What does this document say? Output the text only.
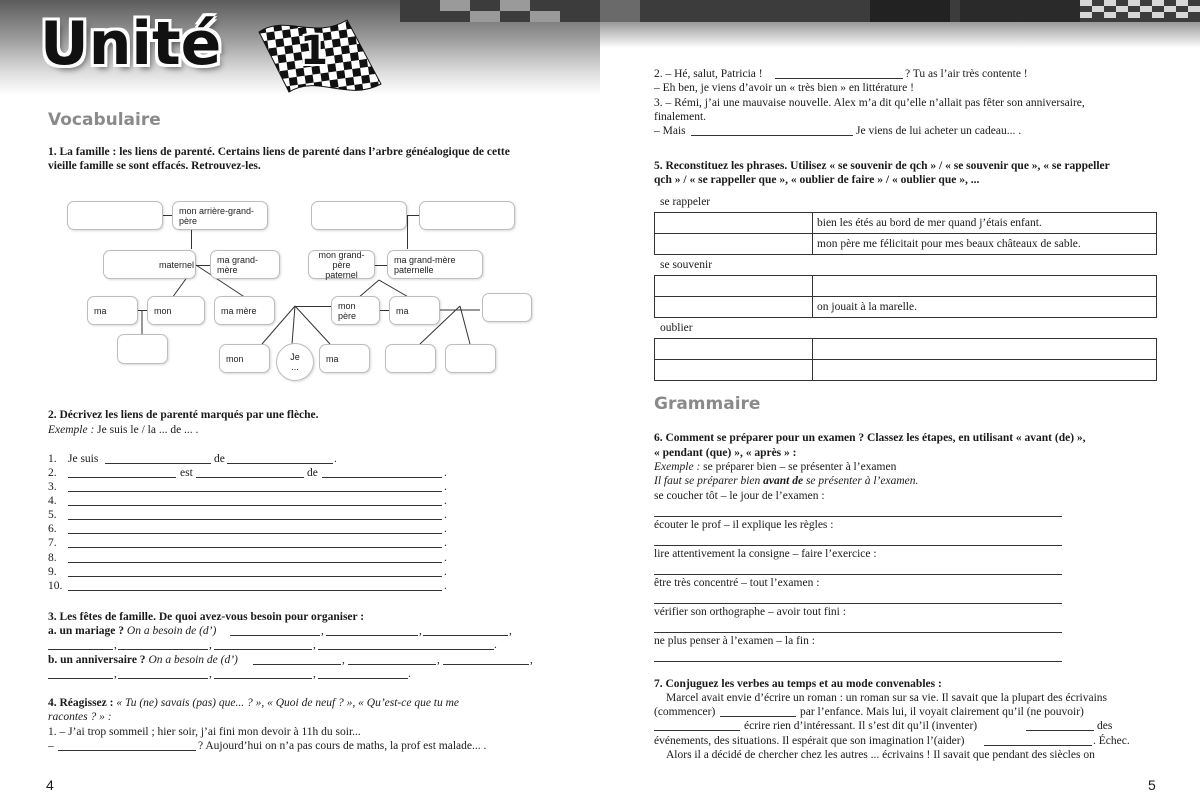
1
Unité
Vocabulaire
1. La famille : les liens de parenté. Certains liens de parenté dans l’arbre généalogique de cette
vieille famille se sont effacés. Retrouvez-les.
mon arrière-grand-père
maternel	ma grand-mère
mon grand-père
paternel
ma grand-mère paternelle
ma	mon	ma mère	mon père	ma
mon	Je
...
ma
2. Décrivez les liens de parenté marqués par une flèche.
Exemple : Je suis le / la ... de ... .
1. Je suis	de	.
2.	est	de	.
3.	.
4.	.
5.	.
6.	.
7.	.
8.	.
9.	.
10.	.
3. Les fêtes de famille. De quoi avez-vous besoin pour organiser :
a. un mariage ? On a besoin de (d’)	,	,	,
,	,	,	.
b. un anniversaire ? On a besoin de (d’)	,	,	,
,	,	,	.
4. Réagissez : « Tu (ne) savais (pas) que... ? », « Quoi de neuf ? », « Qu’est-ce que tu me
racontes ? » :
1. – J’ai trop sommeil ; hier soir, j’ai fini mon devoir à 11h du soir...
–	? Aujourd’hui on n’a pas cours de maths, la prof est malade... .
4
2. – Hé, salut, Patricia !	? Tu as l’air très contente !
– Eh ben, je viens d’avoir un « très bien » en littérature !
3. – Rémi, j’ai une mauvaise nouvelle. Alex m’a dit qu’elle n’allait pas fêter son anniversaire,
finalement.
– Mais	Je viens de lui acheter un cadeau... .
5. Reconstituez les phrases. Utilisez « se souvenir de qch » / « se souvenir que », « se rappeller
qch » / « se rappeller que », « oublier de faire » / « oublier que », ...
se rappeler
	bien les étés au bord de mer quand j’étais enfant.
	mon père me félicitait pour mes beaux châteaux de sable.
se souvenir

	on jouait à la marelle.
oublier

Grammaire
6. Comment se préparer pour un examen ? Classez les étapes, en utilisant « avant (de) »,
« pendant (que) », « après » :
Exemple : se préparer bien – se présenter à l’examen
Il faut se préparer bien avant de se présenter à l’examen.
se coucher tôt – le jour de l’examen :
écouter le prof – il explique les règles :
lire attentivement la consigne – faire l’exercice :
être très concentré – tout l’examen :
vérifier son orthographe – avoir tout fini :
ne plus penser à l’examen – la fin :
7. Conjuguez les verbes au temps et au mode convenables :
Marcel avait envie d’écrire un roman : un roman sur sa vie. Il savait que la plupart des écrivains
(commencer)	par l’enfance. Mais lui, il voyait clairement qu’il (ne pouvoir)
écrire rien d’intéressant. Il s’est dit qu’il (inventer)	des
événements, des situations. Il espérait que son imagination l’(aider)	. Échec.
Alors il a décidé de chercher chez les autres ... écrivains ! Il savait que pendant des siècles on
5
